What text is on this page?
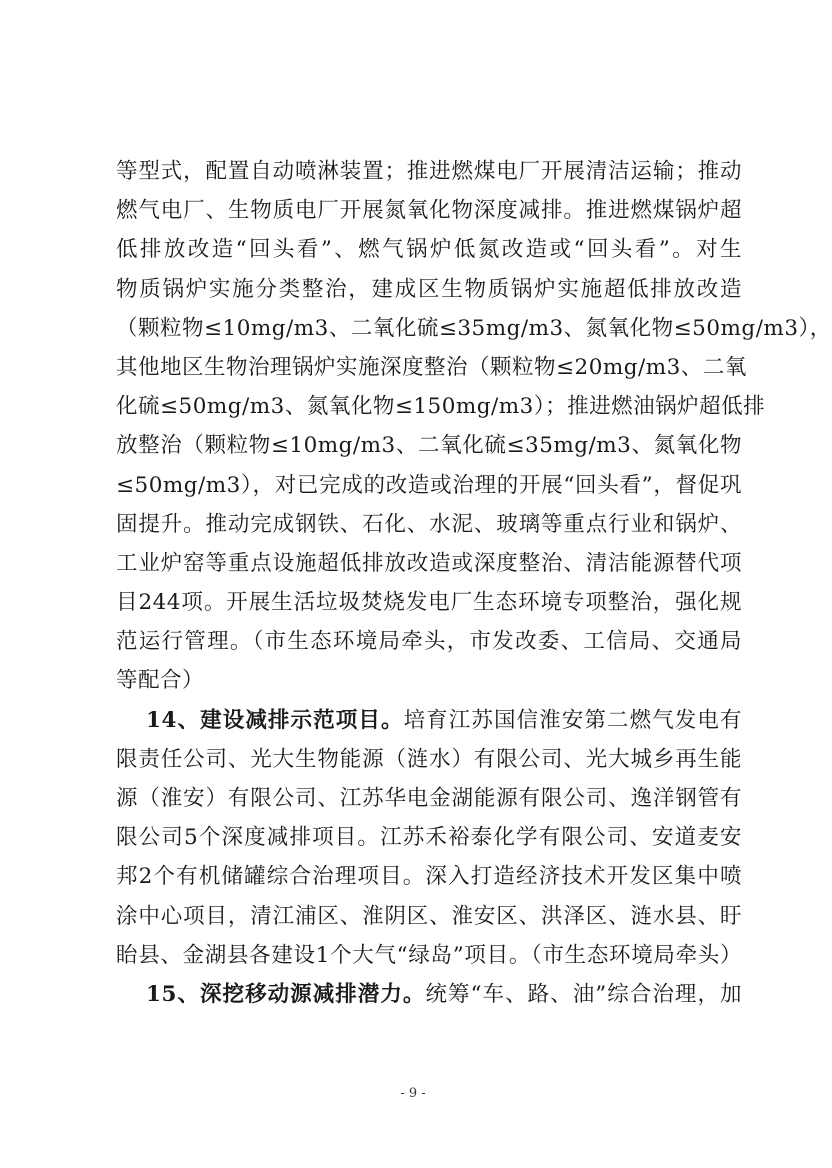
等型式，配置自动喷淋装置；推进燃煤电厂开展清洁运输；推动
燃气电厂、生物质电厂开展氮氧化物深度减排。推进燃煤锅炉超
低排放改造“回头看”、燃气锅炉低氮改造或“回头看”。对生
物质锅炉实施分类整治，建成区生物质锅炉实施超低排放改造
（颗粒物≤10mg/m3、二氧化硫≤35mg/m3、氮氧化物≤50mg/m3），
其他地区生物治理锅炉实施深度整治（颗粒物≤20mg/m3、二氧
化硫≤50mg/m3、氮氧化物≤150mg/m3）；推进燃油锅炉超低排
放整治（颗粒物≤10mg/m3、二氧化硫≤35mg/m3、氮氧化物
≤50mg/m3），对已完成的改造或治理的开展“回头看”，督促巩
固提升。推动完成钢铁、石化、水泥、玻璃等重点行业和锅炉、
工业炉窑等重点设施超低排放改造或深度整治、清洁能源替代项
目244项。开展生活垃圾焚烧发电厂生态环境专项整治，强化规
范运行管理。（市生态环境局牵头，市发改委、工信局、交通局
等配合）
14、建设减排示范项目。培育江苏国信淮安第二燃气发电有
限责任公司、光大生物能源（涟水）有限公司、光大城乡再生能
源（淮安）有限公司、江苏华电金湖能源有限公司、逸洋钢管有
限公司5个深度减排项目。江苏禾裕泰化学有限公司、安道麦安
邦2个有机储罐综合治理项目。深入打造经济技术开发区集中喷
涂中心项目，清江浦区、淮阴区、淮安区、洪泽区、涟水县、盱
眙县、金湖县各建设1个大气“绿岛”项目。（市生态环境局牵头）
15、深挖移动源减排潜力。统筹“车、路、油”综合治理，加
- 9 -
